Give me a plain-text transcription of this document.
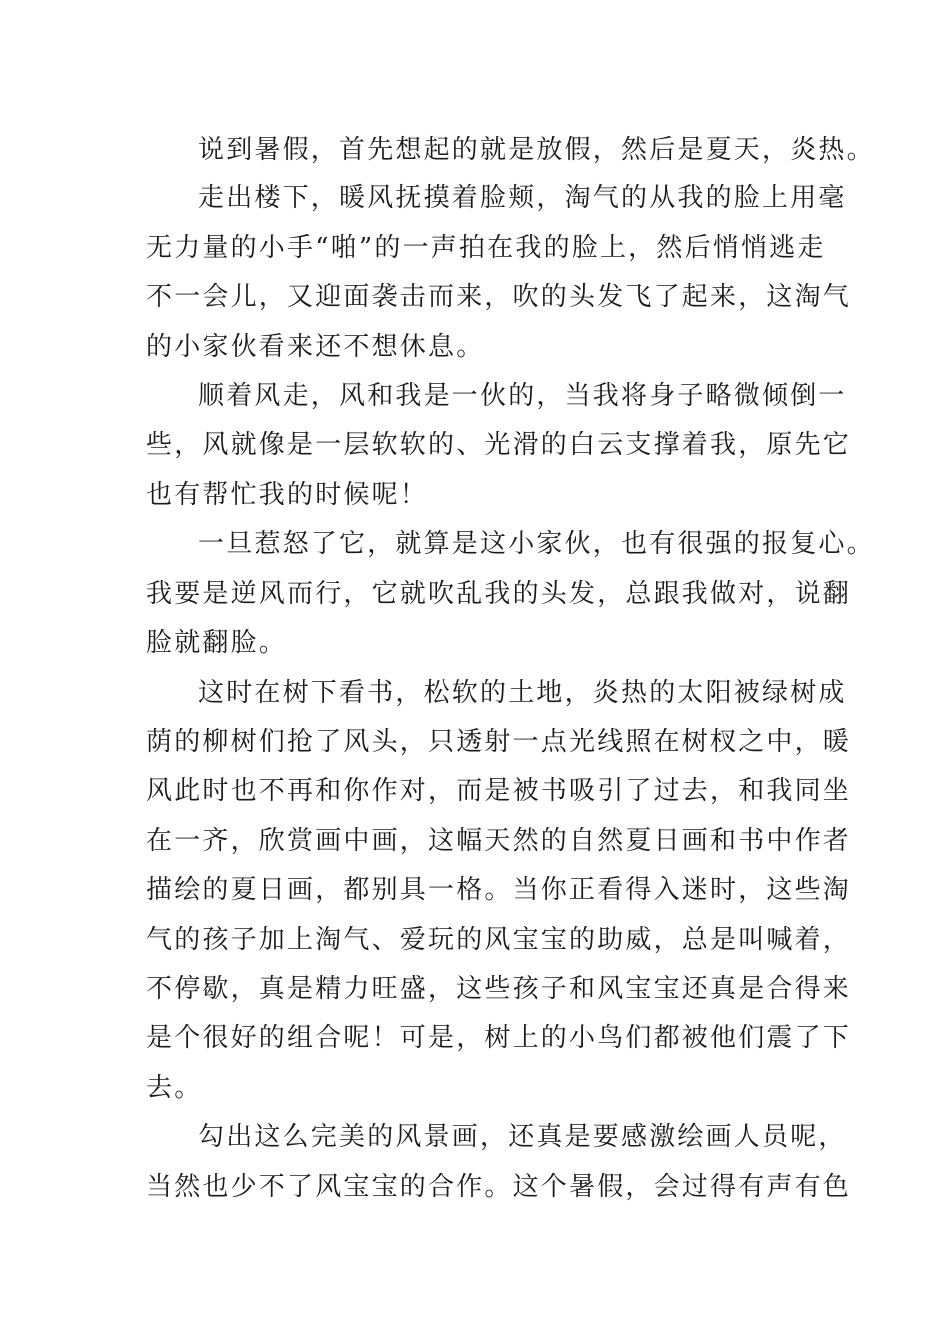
说到暑假，首先想起的就是放假，然后是夏天，炎热。
走出楼下，暖风抚摸着脸颊，淘气的从我的脸上用毫
无力量的小手“啪”的一声拍在我的脸上，然后悄悄逃走
不一会儿，又迎面袭击而来，吹的头发飞了起来，这淘气
的小家伙看来还不想休息。
顺着风走，风和我是一伙的，当我将身子略微倾倒一
些，风就像是一层软软的、光滑的白云支撑着我，原先它
也有帮忙我的时候呢！
一旦惹怒了它，就算是这小家伙，也有很强的报复心。
我要是逆风而行，它就吹乱我的头发，总跟我做对，说翻
脸就翻脸。
这时在树下看书，松软的土地，炎热的太阳被绿树成
荫的柳树们抢了风头，只透射一点光线照在树杈之中，暖
风此时也不再和你作对，而是被书吸引了过去，和我同坐
在一齐，欣赏画中画，这幅天然的自然夏日画和书中作者
描绘的夏日画，都别具一格。当你正看得入迷时，这些淘
气的孩子加上淘气、爱玩的风宝宝的助威，总是叫喊着，
不停歇，真是精力旺盛，这些孩子和风宝宝还真是合得来
是个很好的组合呢！可是，树上的小鸟们都被他们震了下
去。
勾出这么完美的风景画，还真是要感激绘画人员呢，
当然也少不了风宝宝的合作。这个暑假，会过得有声有色
